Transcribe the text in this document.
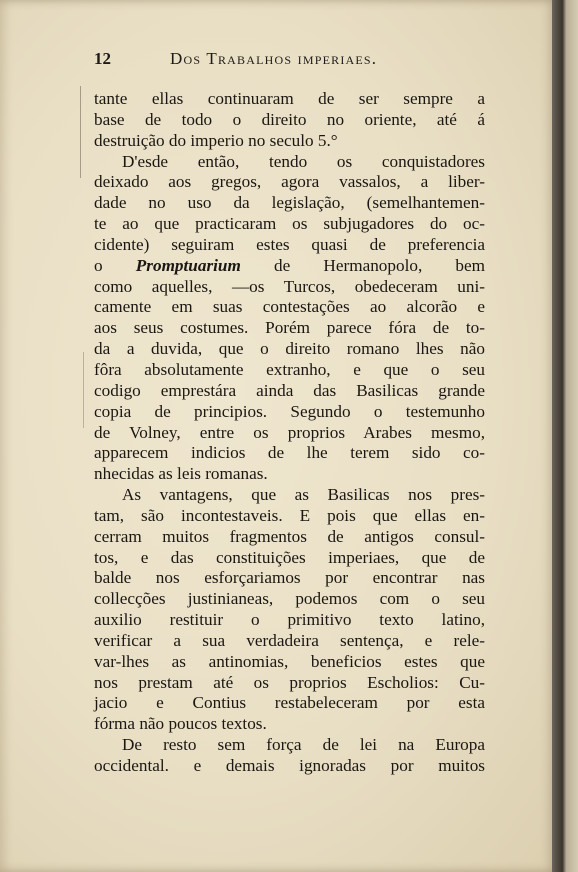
12	Dos Trabalhos imperiaes.
tante ellas continuaram de ser sempre a
base de todo o direito no oriente, até á
destruição do imperio no seculo 5.°
D'esde então, tendo os conquistadores
deixado aos gregos, agora vassalos, a liber-
dade no uso da legislação, (semelhantemen-
te ao que practicaram os subjugadores do oc-
cidente) seguiram estes quasi de preferencia
o Promptuarium de Hermanopolo, bem
como aquelles, —os Turcos, obedeceram uni-
camente em suas contestações ao alcorão e
aos seus costumes. Porém parece fóra de to-
da a duvida, que o direito romano lhes não
fôra absolutamente extranho, e que o seu
codigo emprestára ainda das Basilicas grande
copia de principios. Segundo o testemunho
de Volney, entre os proprios Arabes mesmo,
apparecem indicios de lhe terem sido co-
nhecidas as leis romanas.
As vantagens, que as Basilicas nos pres-
tam, são incontestaveis. E pois que ellas en-
cerram muitos fragmentos de antigos consul-
tos, e das constituições imperiaes, que de
balde nos esforçariamos por encontrar nas
collecções justinianeas, podemos com o seu
auxilio restituir o primitivo texto latino,
verificar a sua verdadeira sentença, e rele-
var-lhes as antinomias, beneficios estes que
nos prestam até os proprios Escholios: Cu-
jacio e Contius restabeleceram por esta
fórma não poucos textos.
De resto sem força de lei na Europa
occidental. e demais ignoradas por muitos
